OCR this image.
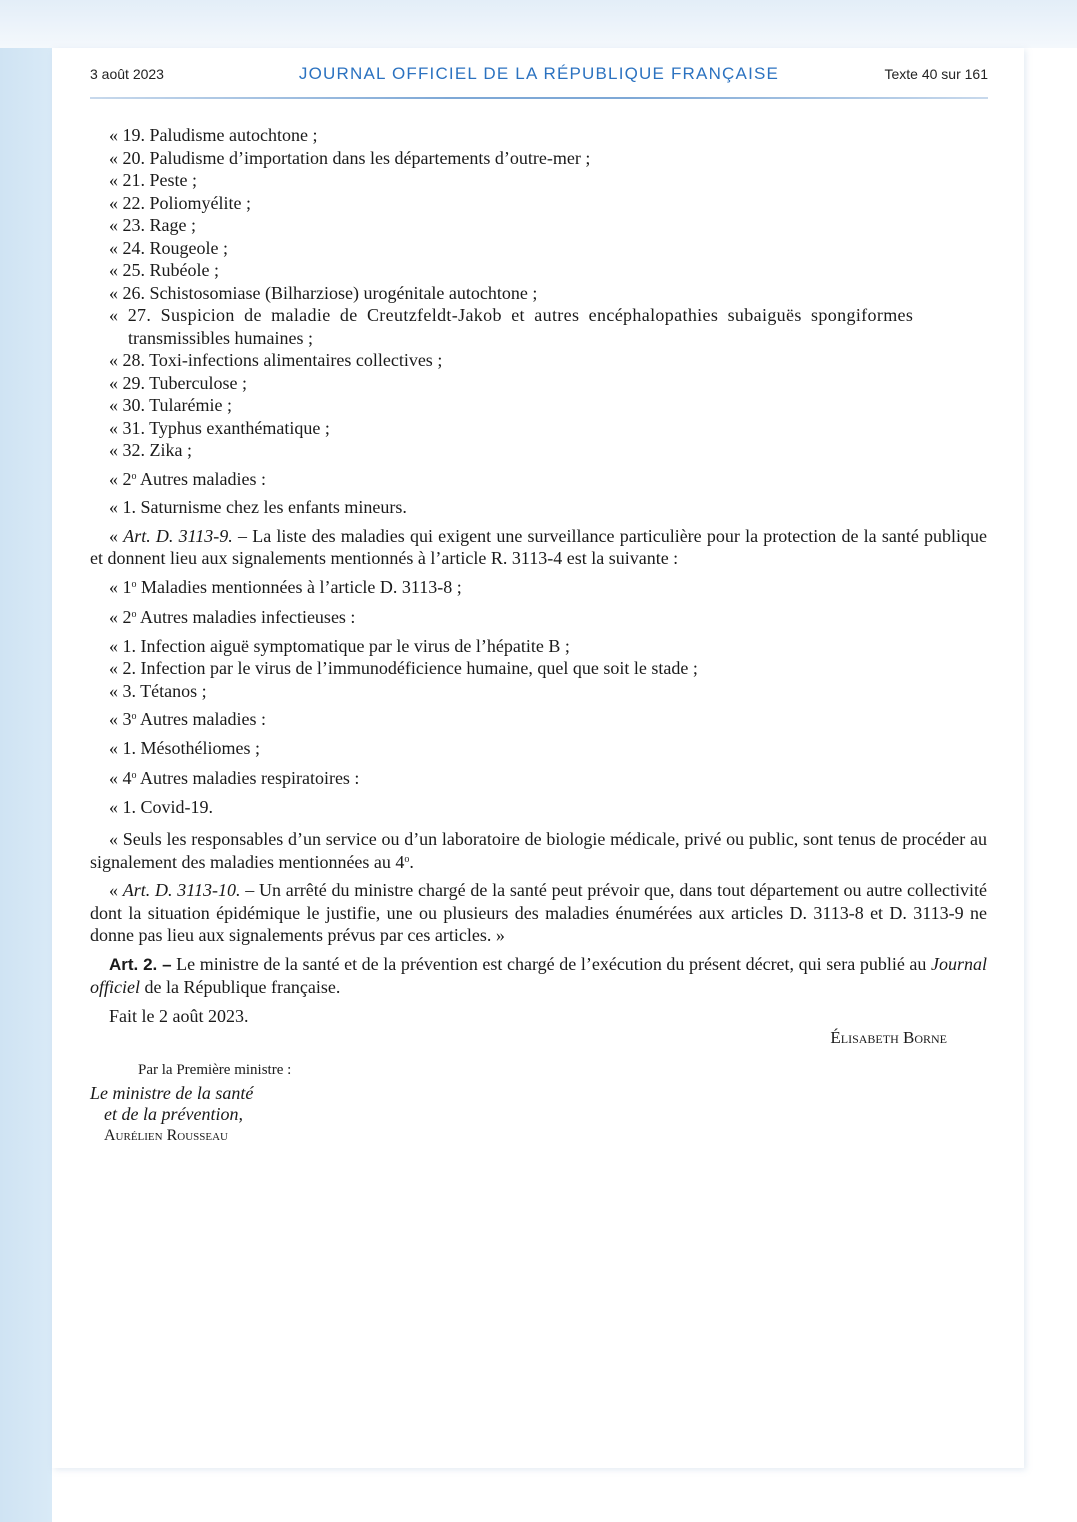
3 août 2023	JOURNAL OFFICIEL DE LA RÉPUBLIQUE FRANÇAISE	Texte 40 sur 161
« 19. Paludisme autochtone ;
« 20. Paludisme d’importation dans les départements d’outre-mer ;
« 21. Peste ;
« 22. Poliomyélite ;
« 23. Rage ;
« 24. Rougeole ;
« 25. Rubéole ;
« 26. Schistosomiase (Bilharziose) urogénitale autochtone ;
« 27. Suspicion de maladie de Creutzfeldt-Jakob et autres encéphalopathies subaiguës spongiformes
transmissibles humaines ;
« 28. Toxi-infections alimentaires collectives ;
« 29. Tuberculose ;
« 30. Tularémie ;
« 31. Typhus exanthématique ;
« 32. Zika ;
« 2$^o$ Autres maladies :
« 1. Saturnisme chez les enfants mineurs.
« Art. D. 3113-9. – La liste des maladies qui exigent une surveillance particulière pour la protection de la santé publique et donnent lieu aux signalements mentionnés à l’article R. 3113-4 est la suivante :
« 1$^o$ Maladies mentionnées à l’article D. 3113-8 ;
« 2$^o$ Autres maladies infectieuses :
« 1. Infection aiguë symptomatique par le virus de l’hépatite B ;
« 2. Infection par le virus de l’immunodéficience humaine, quel que soit le stade ;
« 3. Tétanos ;
« 3$^o$ Autres maladies :
« 1. Mésothéliomes ;
« 4$^o$ Autres maladies respiratoires :
« 1. Covid-19.
« Seuls les responsables d’un service ou d’un laboratoire de biologie médicale, privé ou public, sont tenus de procéder au signalement des maladies mentionnées au 4$^o$.
« Art. D. 3113-10. – Un arrêté du ministre chargé de la santé peut prévoir que, dans tout département ou autre collectivité dont la situation épidémique le justifie, une ou plusieurs des maladies énumérées aux articles D. 3113-8 et D. 3113-9 ne donne pas lieu aux signalements prévus par ces articles. »
Art. 2. – Le ministre de la santé et de la prévention est chargé de l’exécution du présent décret, qui sera publié au Journal officiel de la République française.
Fait le 2 août 2023.
Élisabeth Borne
Par la Première ministre :
Le ministre de la santé
et de la prévention,
Aurélien Rousseau
